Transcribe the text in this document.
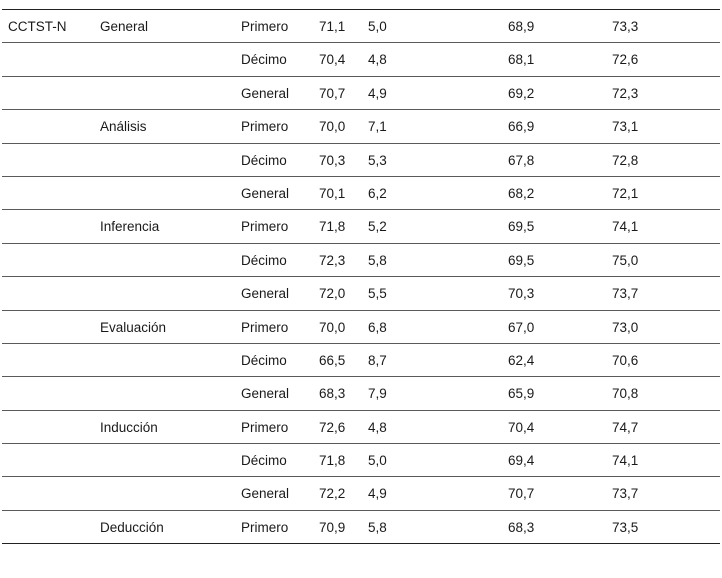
CCTST-N General	Primero 71,1 5,0	68,9	73,3
Décimo 70,4 4,8	68,1	72,6
General 70,7 4,9	69,2	72,3
Análisis	Primero 70,0 7,1	66,9	73,1
Décimo 70,3 5,3	67,8	72,8
General 70,1 6,2	68,2	72,1
Inferencia	Primero 71,8 5,2	69,5	74,1
Décimo 72,3 5,8	69,5	75,0
General 72,0 5,5	70,3	73,7
Evaluación	Primero 70,0 6,8	67,0	73,0
Décimo 66,5 8,7	62,4	70,6
General 68,3 7,9	65,9	70,8
Inducción	Primero 72,6 4,8	70,4	74,7
Décimo 71,8 5,0	69,4	74,1
General 72,2 4,9	70,7	73,7
Deducción	Primero 70,9 5,8	68,3	73,5
